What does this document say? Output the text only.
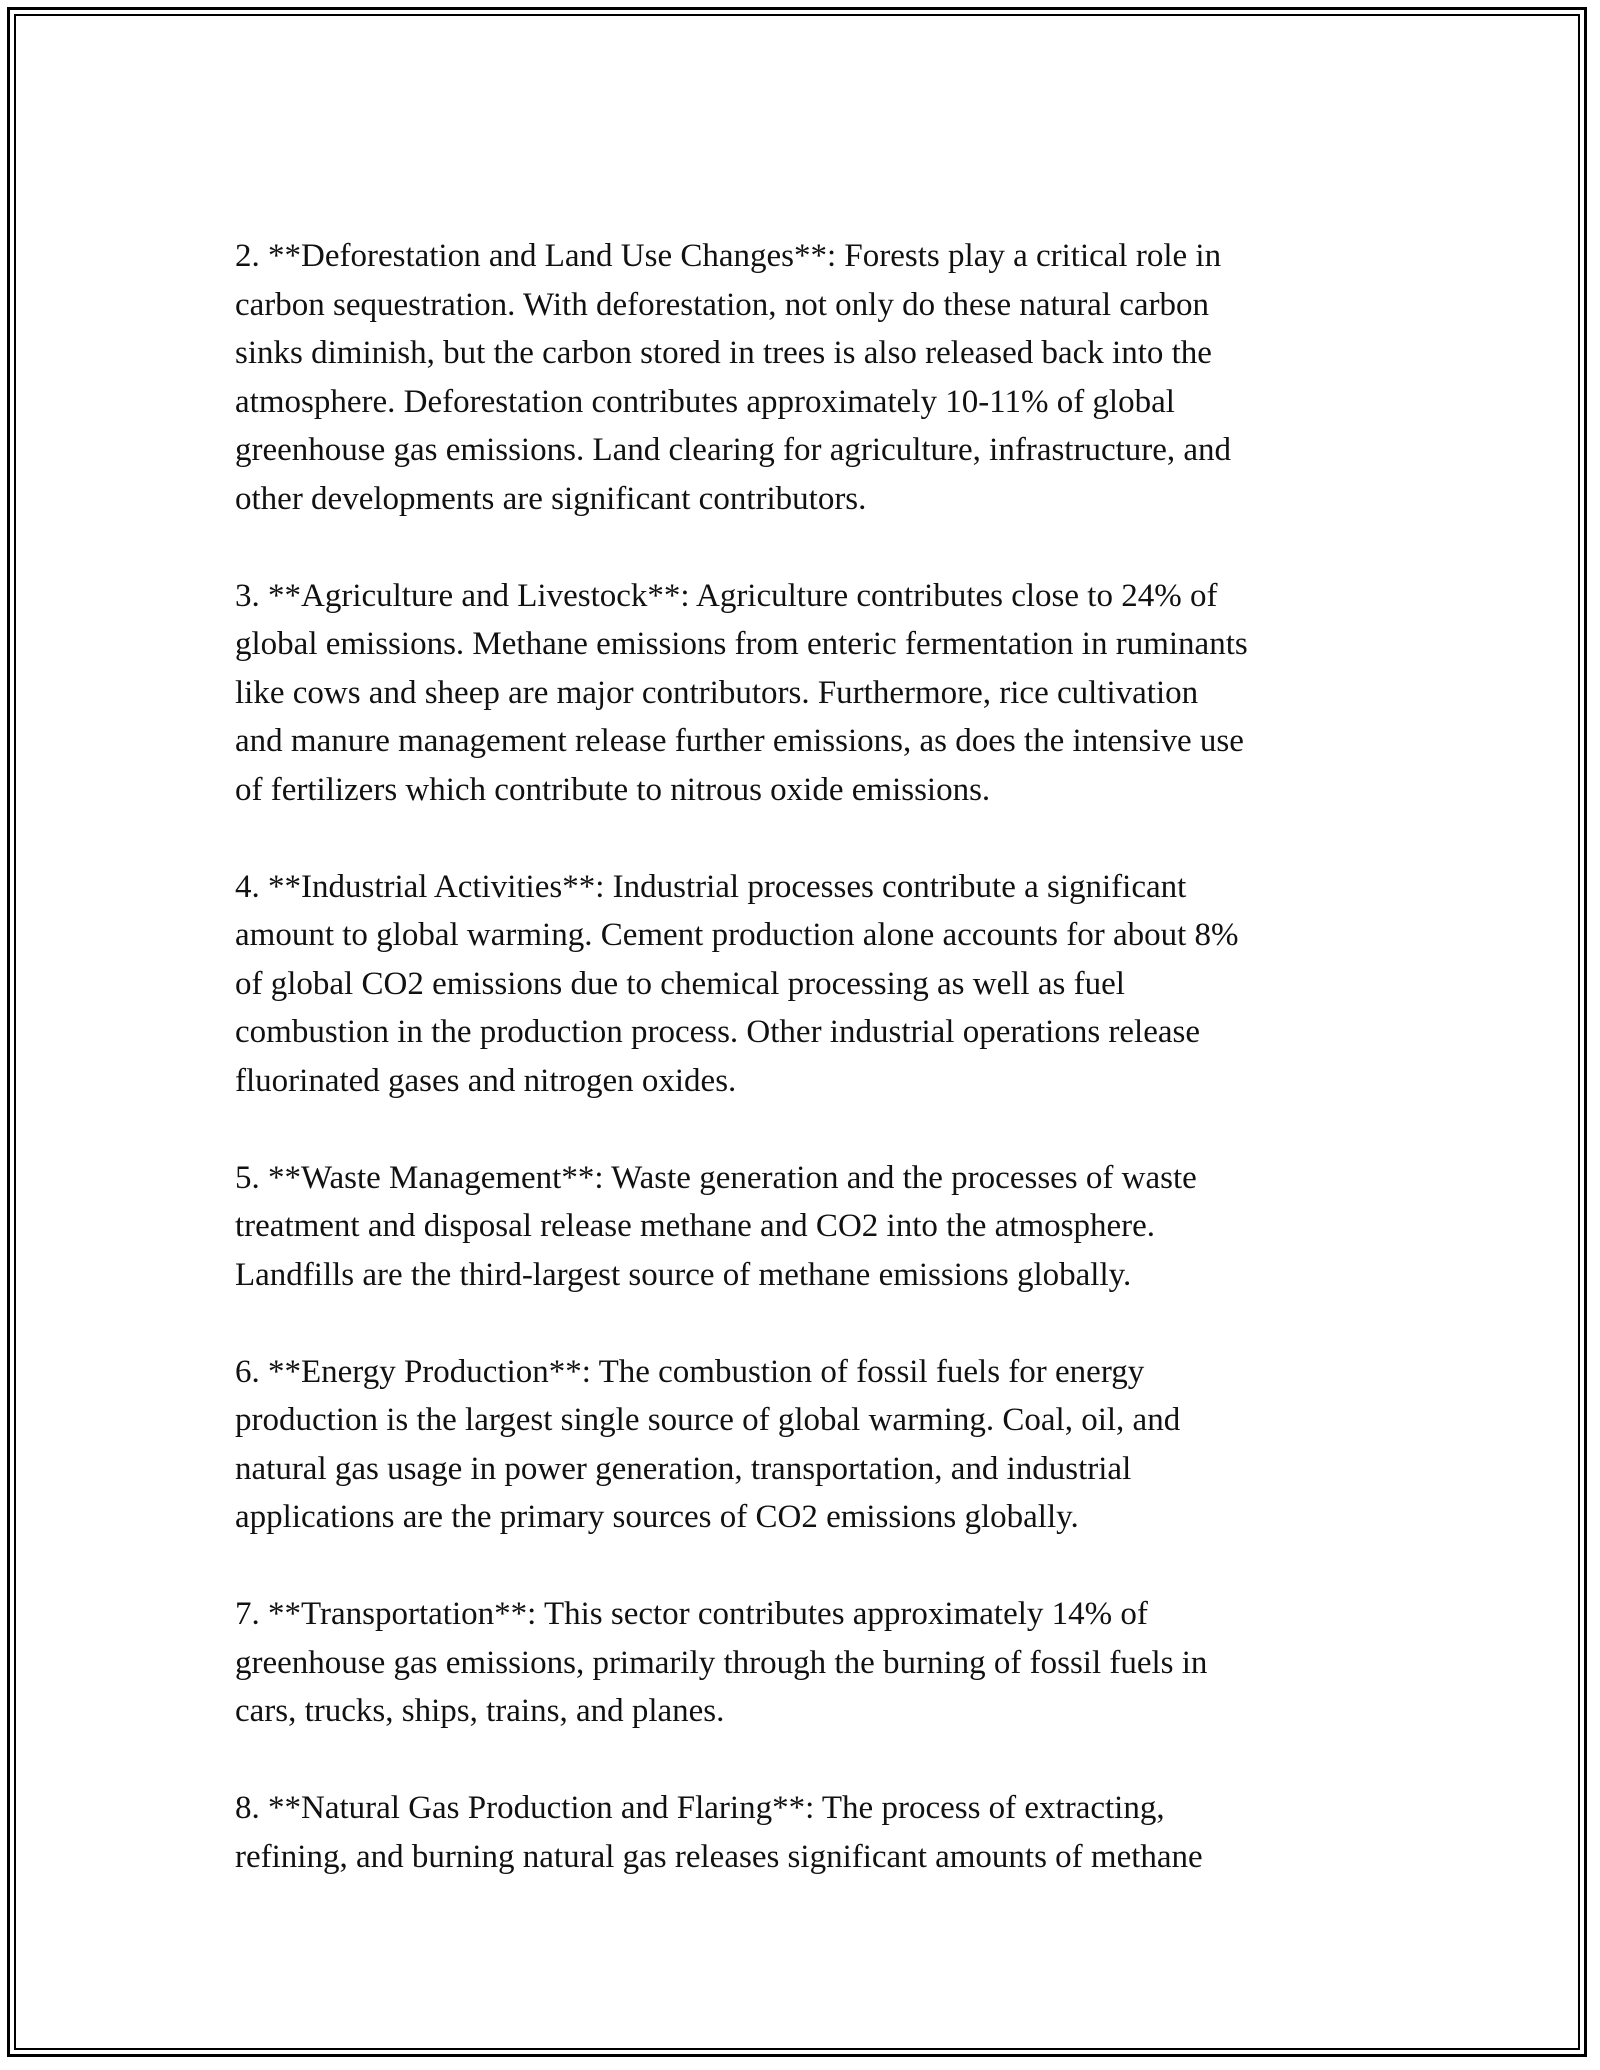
2. **Deforestation and Land Use Changes**: Forests play a critical role in
carbon sequestration. With deforestation, not only do these natural carbon
sinks diminish, but the carbon stored in trees is also released back into the
atmosphere. Deforestation contributes approximately 10-11% of global
greenhouse gas emissions. Land clearing for agriculture, infrastructure, and
other developments are significant contributors.
3. **Agriculture and Livestock**: Agriculture contributes close to 24% of
global emissions. Methane emissions from enteric fermentation in ruminants
like cows and sheep are major contributors. Furthermore, rice cultivation
and manure management release further emissions, as does the intensive use
of fertilizers which contribute to nitrous oxide emissions.
4. **Industrial Activities**: Industrial processes contribute a significant
amount to global warming. Cement production alone accounts for about 8%
of global CO2 emissions due to chemical processing as well as fuel
combustion in the production process. Other industrial operations release
fluorinated gases and nitrogen oxides.
5. **Waste Management**: Waste generation and the processes of waste
treatment and disposal release methane and CO2 into the atmosphere.
Landfills are the third-largest source of methane emissions globally.
6. **Energy Production**: The combustion of fossil fuels for energy
production is the largest single source of global warming. Coal, oil, and
natural gas usage in power generation, transportation, and industrial
applications are the primary sources of CO2 emissions globally.
7. **Transportation**: This sector contributes approximately 14% of
greenhouse gas emissions, primarily through the burning of fossil fuels in
cars, trucks, ships, trains, and planes.
8. **Natural Gas Production and Flaring**: The process of extracting,
refining, and burning natural gas releases significant amounts of methane
